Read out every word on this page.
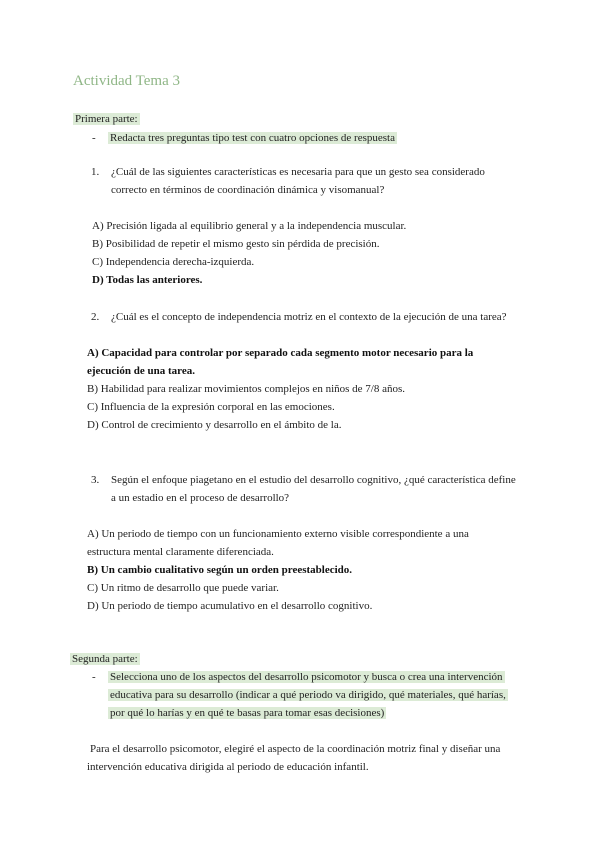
Actividad Tema 3
Primera parte:
- Redacta tres preguntas tipo test con cuatro opciones de respuesta
1. ¿Cuál de las siguientes características es necesaria para que un gesto sea considerado
correcto en términos de coordinación dinámica y visomanual?
A) Precisión ligada al equilibrio general y a la independencia muscular.
B) Posibilidad de repetir el mismo gesto sin pérdida de precisión.
C) Independencia derecha-izquierda.
D) Todas las anteriores.
2. ¿Cuál es el concepto de independencia motriz en el contexto de la ejecución de una tarea?
A) Capacidad para controlar por separado cada segmento motor necesario para la
ejecución de una tarea.
B) Habilidad para realizar movimientos complejos en niños de 7/8 años.
C) Influencia de la expresión corporal en las emociones.
D) Control de crecimiento y desarrollo en el ámbito de la.
3. Según el enfoque piagetano en el estudio del desarrollo cognitivo, ¿qué característica define
a un estadio en el proceso de desarrollo?
A) Un periodo de tiempo con un funcionamiento externo visible correspondiente a una
estructura mental claramente diferenciada.
B) Un cambio cualitativo según un orden preestablecido.
C) Un ritmo de desarrollo que puede variar.
D) Un periodo de tiempo acumulativo en el desarrollo cognitivo.
Segunda parte:
- Selecciona uno de los aspectos del desarrollo psicomotor y busca o crea una intervención
educativa para su desarrollo (indicar a qué periodo va dirigido, qué materiales, qué harías,
por qué lo harías y en qué te basas para tomar esas decisiones)
Para el desarrollo psicomotor, elegiré el aspecto de la coordinación motriz final y diseñar una
intervención educativa dirigida al periodo de educación infantil.
